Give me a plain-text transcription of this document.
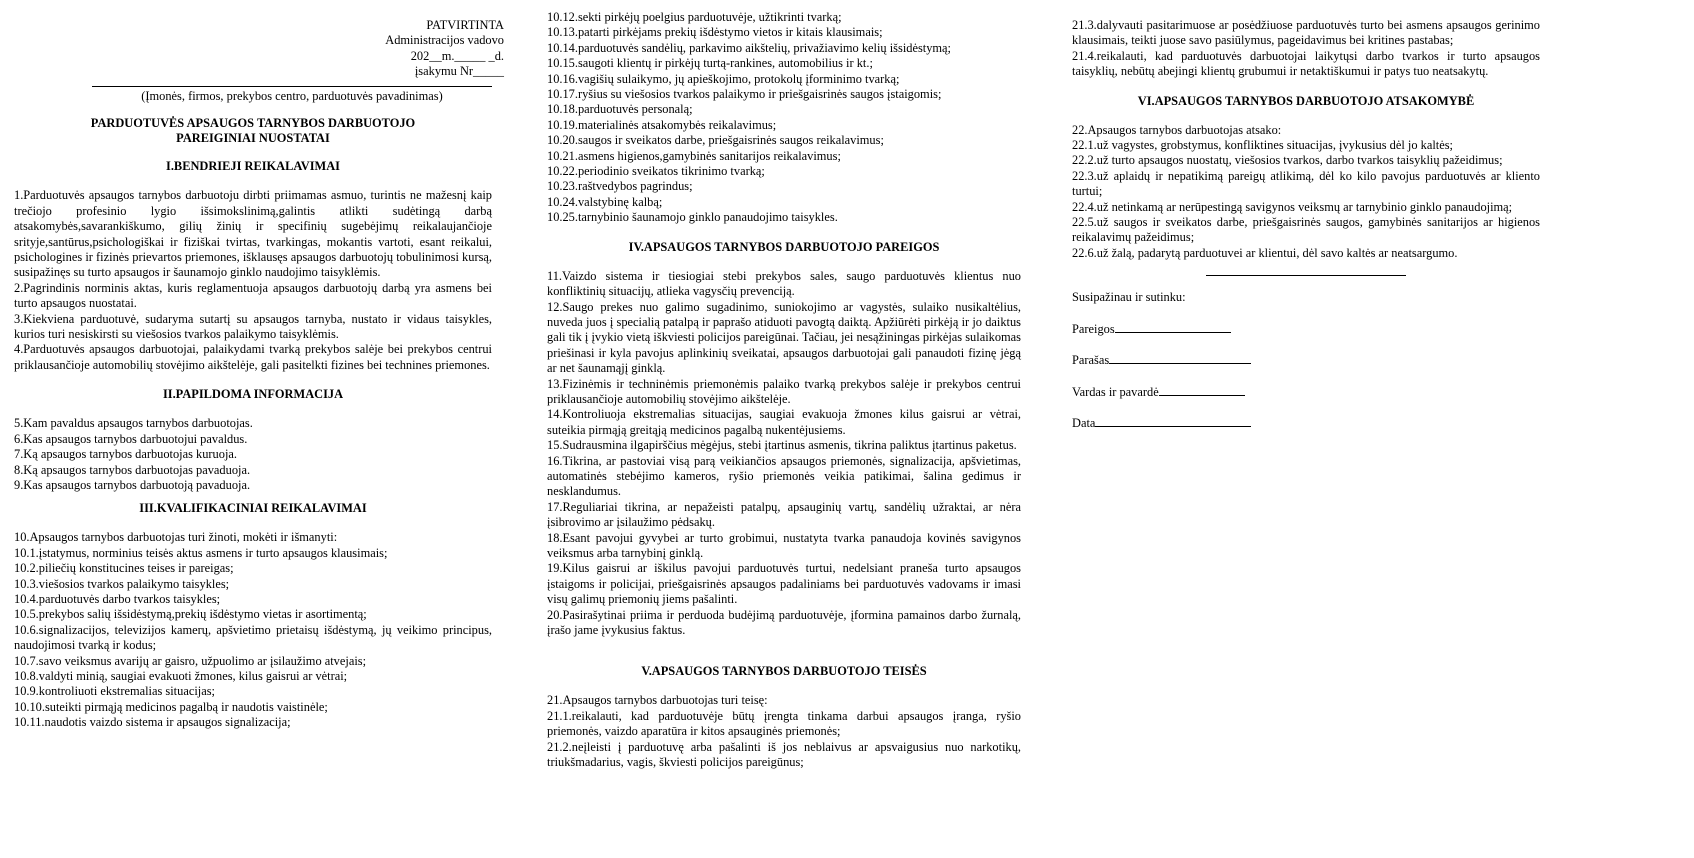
PATVIRTINTA
Administracijos vadovo
202__m._____ _d.
įsakymu Nr_____
(Įmonės, firmos, prekybos centro, parduotuvės pavadinimas)
PARDUOTUVĖS APSAUGOS TARNYBOS DARBUOTOJO
PAREIGINIAI NUOSTATAI
I.BENDRIEJI REIKALAVIMAI

1.Parduotuvės apsaugos tarnybos darbuotoju dirbti priimamas asmuo, turintis ne mažesnį kaip trečiojo profesinio lygio išsimokslinimą,galintis atlikti sudėtingą darbą atsakomybės,savarankiškumo, gilių žinių ir specifinių sugebėjimų reikalaujančioje srityje,santūrus,psichologiškai ir fiziškai tvirtas, tvarkingas, mokantis vartoti, esant reikalui, psichologines ir fizinės prievartos priemones, išklausęs apsaugos darbuotojų tobulinimosi kursą, susipažinęs su turto apsaugos ir šaunamojo ginklo naudojimo taisyklėmis.

2.Pagrindinis norminis aktas, kuris reglamentuoja apsaugos darbuotojų darbą yra asmens bei turto apsaugos nuostatai.

3.Kiekviena parduotuvė, sudaryma sutartį su apsaugos tarnyba, nustato ir vidaus taisykles, kurios turi nesiskirsti su viešosios tvarkos palaikymo taisyklėmis.

4.Parduotuvės apsaugos darbuotojai, palaikydami tvarką prekybos salėje bei prekybos centrui priklausančioje automobilių stovėjimo aikštelėje, gali pasitelkti fizines bei technines priemones.

II.PAPILDOMA INFORMACIJA

5.Kam pavaldus apsaugos tarnybos darbuotojas.

6.Kas apsaugos tarnybos darbuotojui pavaldus.

7.Ką apsaugos tarnybos darbuotojas kuruoja.

8.Ką apsaugos tarnybos darbuotojas pavaduoja.

9.Kas apsaugos tarnybos darbuotoją pavaduoja.

III.KVALIFIKACINIAI REIKALAVIMAI

10.Apsaugos tarnybos darbuotojas turi žinoti, mokėti ir išmanyti:

10.1.įstatymus, norminius teisės aktus asmens ir turto apsaugos klausimais;

10.2.piliečių konstitucines teises ir pareigas;

10.3.viešosios tvarkos palaikymo taisykles;

10.4.parduotuvės darbo tvarkos taisykles;

10.5.prekybos salių išsidėstymą,prekių išdėstymo vietas ir asortimentą;

10.6.signalizacijos, televizijos kamerų, apšvietimo prietaisų išdėstymą, jų veikimo principus, naudojimosi tvarką ir kodus;

10.7.savo veiksmus avarijų ar gaisro, užpuolimo ar įsilaužimo atvejais;

10.8.valdyti minią, saugiai evakuoti žmones, kilus gaisrui ar vėtrai;

10.9.kontroliuoti ekstremalias situacijas;

10.10.suteikti pirmąją medicinos pagalbą ir naudotis vaistinėle;

10.11.naudotis vaizdo sistema ir apsaugos signalizacija;

10.12.sekti pirkėjų poelgius parduotuvėje, užtikrinti tvarką;

10.13.patarti pirkėjams prekių išdėstymo vietos ir kitais klausimais;

10.14.parduotuvės sandėlių, parkavimo aikštelių, privažiavimo kelių išsidėstymą;

10.15.saugoti klientų ir pirkėjų turtą-rankines, automobilius ir kt.;

10.16.vagišių sulaikymo, jų apieškojimo, protokolų įforminimo tvarką;

10.17.ryšius su viešosios tvarkos palaikymo ir priešgaisrinės saugos įstaigomis;

10.18.parduotuvės personalą;

10.19.materialinės atsakomybės reikalavimus;

10.20.saugos ir sveikatos darbe, priešgaisrinės saugos reikalavimus;

10.21.asmens higienos,gamybinės sanitarijos reikalavimus;

10.22.periodinio sveikatos tikrinimo tvarką;

10.23.raštvedybos pagrindus;

10.24.valstybinę kalbą;

10.25.tarnybinio šaunamojo ginklo panaudojimo taisykles.

IV.APSAUGOS TARNYBOS DARBUOTOJO PAREIGOS

11.Vaizdo sistema ir tiesiogiai stebi prekybos sales, saugo parduotuvės klientus nuo konfliktinių situacijų, atlieka vagysčių prevenciją.

12.Saugo prekes nuo galimo sugadinimo, suniokojimo ar vagystės, sulaiko nusikaltėlius, nuveda juos į specialią patalpą ir paprašo atiduoti pavogtą daiktą. Apžiūrėti pirkėją ir jo daiktus gali tik į įvykio vietą iškviesti policijos pareigūnai. Tačiau, jei nesąžiningas pirkėjas sulaikomas priešinasi ir kyla pavojus aplinkinių sveikatai, apsaugos darbuotojai gali panaudoti fizinę jėgą ar net šaunamąjį ginklą.

13.Fizinėmis ir techninėmis priemonėmis palaiko tvarką prekybos salėje ir prekybos centrui priklausančioje automobilių stovėjimo aikštelėje.

14.Kontroliuoja ekstremalias situacijas, saugiai evakuoja žmones kilus gaisrui ar vėtrai, suteikia pirmąją greitąją medicinos pagalbą nukentėjusiems.

15.Sudrausmina ilgapirščius mėgėjus, stebi įtartinus asmenis, tikrina paliktus įtartinus paketus.

16.Tikrina, ar pastoviai visą parą veikiančios apsaugos priemonės, signalizacija, apšvietimas, automatinės stebėjimo kameros, ryšio priemonės veikia patikimai, šalina gedimus ir nesklandumus.

17.Reguliariai tikrina, ar nepažeisti patalpų, apsauginių vartų, sandėlių užraktai, ar nėra įsibrovimo ar įsilaužimo pėdsakų.

18.Esant pavojui gyvybei ar turto grobimui, nustatyta tvarka panaudoja kovinės savigynos veiksmus arba tarnybinį ginklą.

19.Kilus gaisrui ar iškilus pavojui parduotuvės turtui, nedelsiant praneša turto apsaugos įstaigoms ir policijai, priešgaisrinės apsaugos padaliniams bei parduotuvės vadovams ir imasi visų galimų priemonių jiems pašalinti.

20.Pasirašytinai priima ir perduoda budėjimą parduotuvėje, įformina pamainos darbo žurnalą, įrašo jame įvykusius faktus.

V.APSAUGOS TARNYBOS DARBUOTOJO TEISĖS

21.Apsaugos tarnybos darbuotojas turi teisę:

21.1.reikalauti, kad parduotuvėje būtų įrengta tinkama darbui apsaugos įranga, ryšio priemonės, vaizdo aparatūra ir kitos apsauginės priemonės;

21.2.neįleisti į parduotuvę arba pašalinti iš jos neblaivus ar apsvaigusius nuo narkotikų, triukšmadarius, vagis, škviesti policijos pareigūnus;

21.3.dalyvauti pasitarimuose ar posėdžiuose parduotuvės turto bei asmens apsaugos gerinimo klausimais, teikti juose savo pasiūlymus, pageidavimus bei kritines pastabas;

21.4.reikalauti, kad parduotuvės darbuotojai laikytųsi darbo tvarkos ir turto apsaugos taisyklių, nebūtų abejingi klientų grubumui ir netaktiškumui ir patys tuo neatsakytų.

VI.APSAUGOS TARNYBOS DARBUOTOJO ATSAKOMYBĖ

22.Apsaugos tarnybos darbuotojas atsako:

22.1.už vagystes, grobstymus, konfliktines situacijas, įvykusius dėl jo kaltės;

22.2.už turto apsaugos nuostatų, viešosios tvarkos, darbo tvarkos taisyklių pažeidimus;

22.3.už aplaidų ir nepatikimą pareigų atlikimą, dėl ko kilo pavojus parduotuvės ar kliento turtui;

22.4.už netinkamą ar nerūpestingą savigynos veiksmų ar tarnybinio ginklo panaudojimą;

22.5.už saugos ir sveikatos darbe, priešgaisrinės saugos, gamybinės sanitarijos ar higienos reikalavimų pažeidimus;

22.6.už žalą, padarytą parduotuvei ar klientui, dėl savo kaltės ar neatsargumo.

Susipažinau ir sutinku:
Pareigos
Parašas
Vardas ir pavardė
Data
